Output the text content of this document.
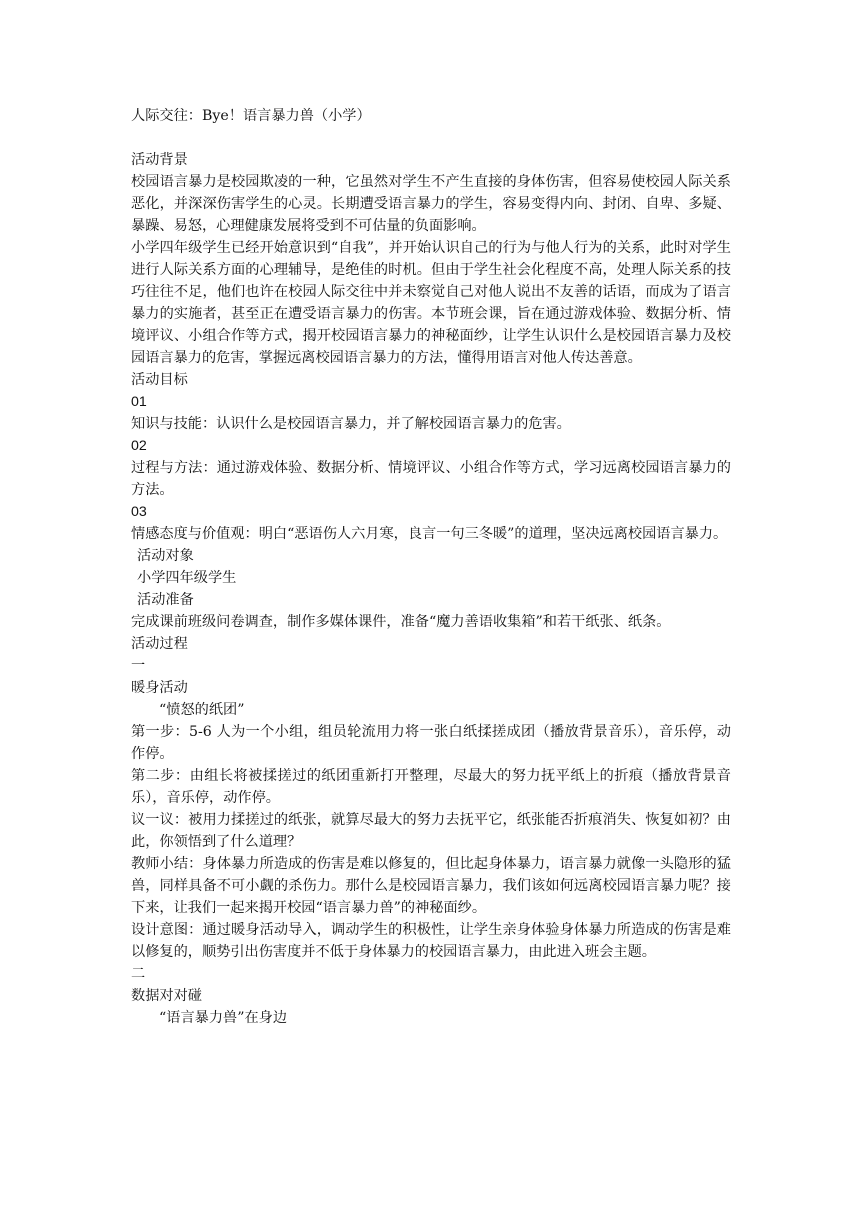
人际交往：Bye！语言暴力兽（小学）

活动背景

校园语言暴力是校园欺凌的一种，它虽然对学生不产生直接的身体伤害，但容易使校园人际关系恶化，并深深伤害学生的心灵。长期遭受语言暴力的学生，容易变得内向、封闭、自卑、多疑、暴躁、易怒，心理健康发展将受到不可估量的负面影响。

小学四年级学生已经开始意识到“自我”，并开始认识自己的行为与他人行为的关系，此时对学生进行人际关系方面的心理辅导，是绝佳的时机。但由于学生社会化程度不高，处理人际关系的技巧往往不足，他们也许在校园人际交往中并未察觉自己对他人说出不友善的话语，而成为了语言暴力的实施者，甚至正在遭受语言暴力的伤害。本节班会课，旨在通过游戏体验、数据分析、情境评议、小组合作等方式，揭开校园语言暴力的神秘面纱，让学生认识什么是校园语言暴力及校园语言暴力的危害，掌握远离校园语言暴力的方法，懂得用语言对他人传达善意。

活动目标

01

知识与技能：认识什么是校园语言暴力，并了解校园语言暴力的危害。

02

过程与方法：通过游戏体验、数据分析、情境评议、小组合作等方式，学习远离校园语言暴力的方法。

03

情感态度与价值观：明白“恶语伤人六月寒，良言一句三冬暖”的道理，坚决远离校园语言暴力。

活动对象

小学四年级学生

活动准备

完成课前班级问卷调查，制作多媒体课件，准备“魔力善语收集箱”和若干纸张、纸条。

活动过程

一

暖身活动

“愤怒的纸团”

第一步：5-6 人为一个小组，组员轮流用力将一张白纸揉搓成团（播放背景音乐），音乐停，动作停。

第二步：由组长将被揉搓过的纸团重新打开整理，尽最大的努力抚平纸上的折痕（播放背景音乐），音乐停，动作停。

议一议：被用力揉搓过的纸张，就算尽最大的努力去抚平它，纸张能否折痕消失、恢复如初？由此，你领悟到了什么道理？

教师小结：身体暴力所造成的伤害是难以修复的，但比起身体暴力，语言暴力就像一头隐形的猛兽，同样具备不可小觑的杀伤力。那什么是校园语言暴力，我们该如何远离校园语言暴力呢？接下来，让我们一起来揭开校园“语言暴力兽”的神秘面纱。

设计意图：通过暖身活动导入，调动学生的积极性，让学生亲身体验身体暴力所造成的伤害是难以修复的，顺势引出伤害度并不低于身体暴力的校园语言暴力，由此进入班会主题。

二

数据对对碰

“语言暴力兽”在身边
